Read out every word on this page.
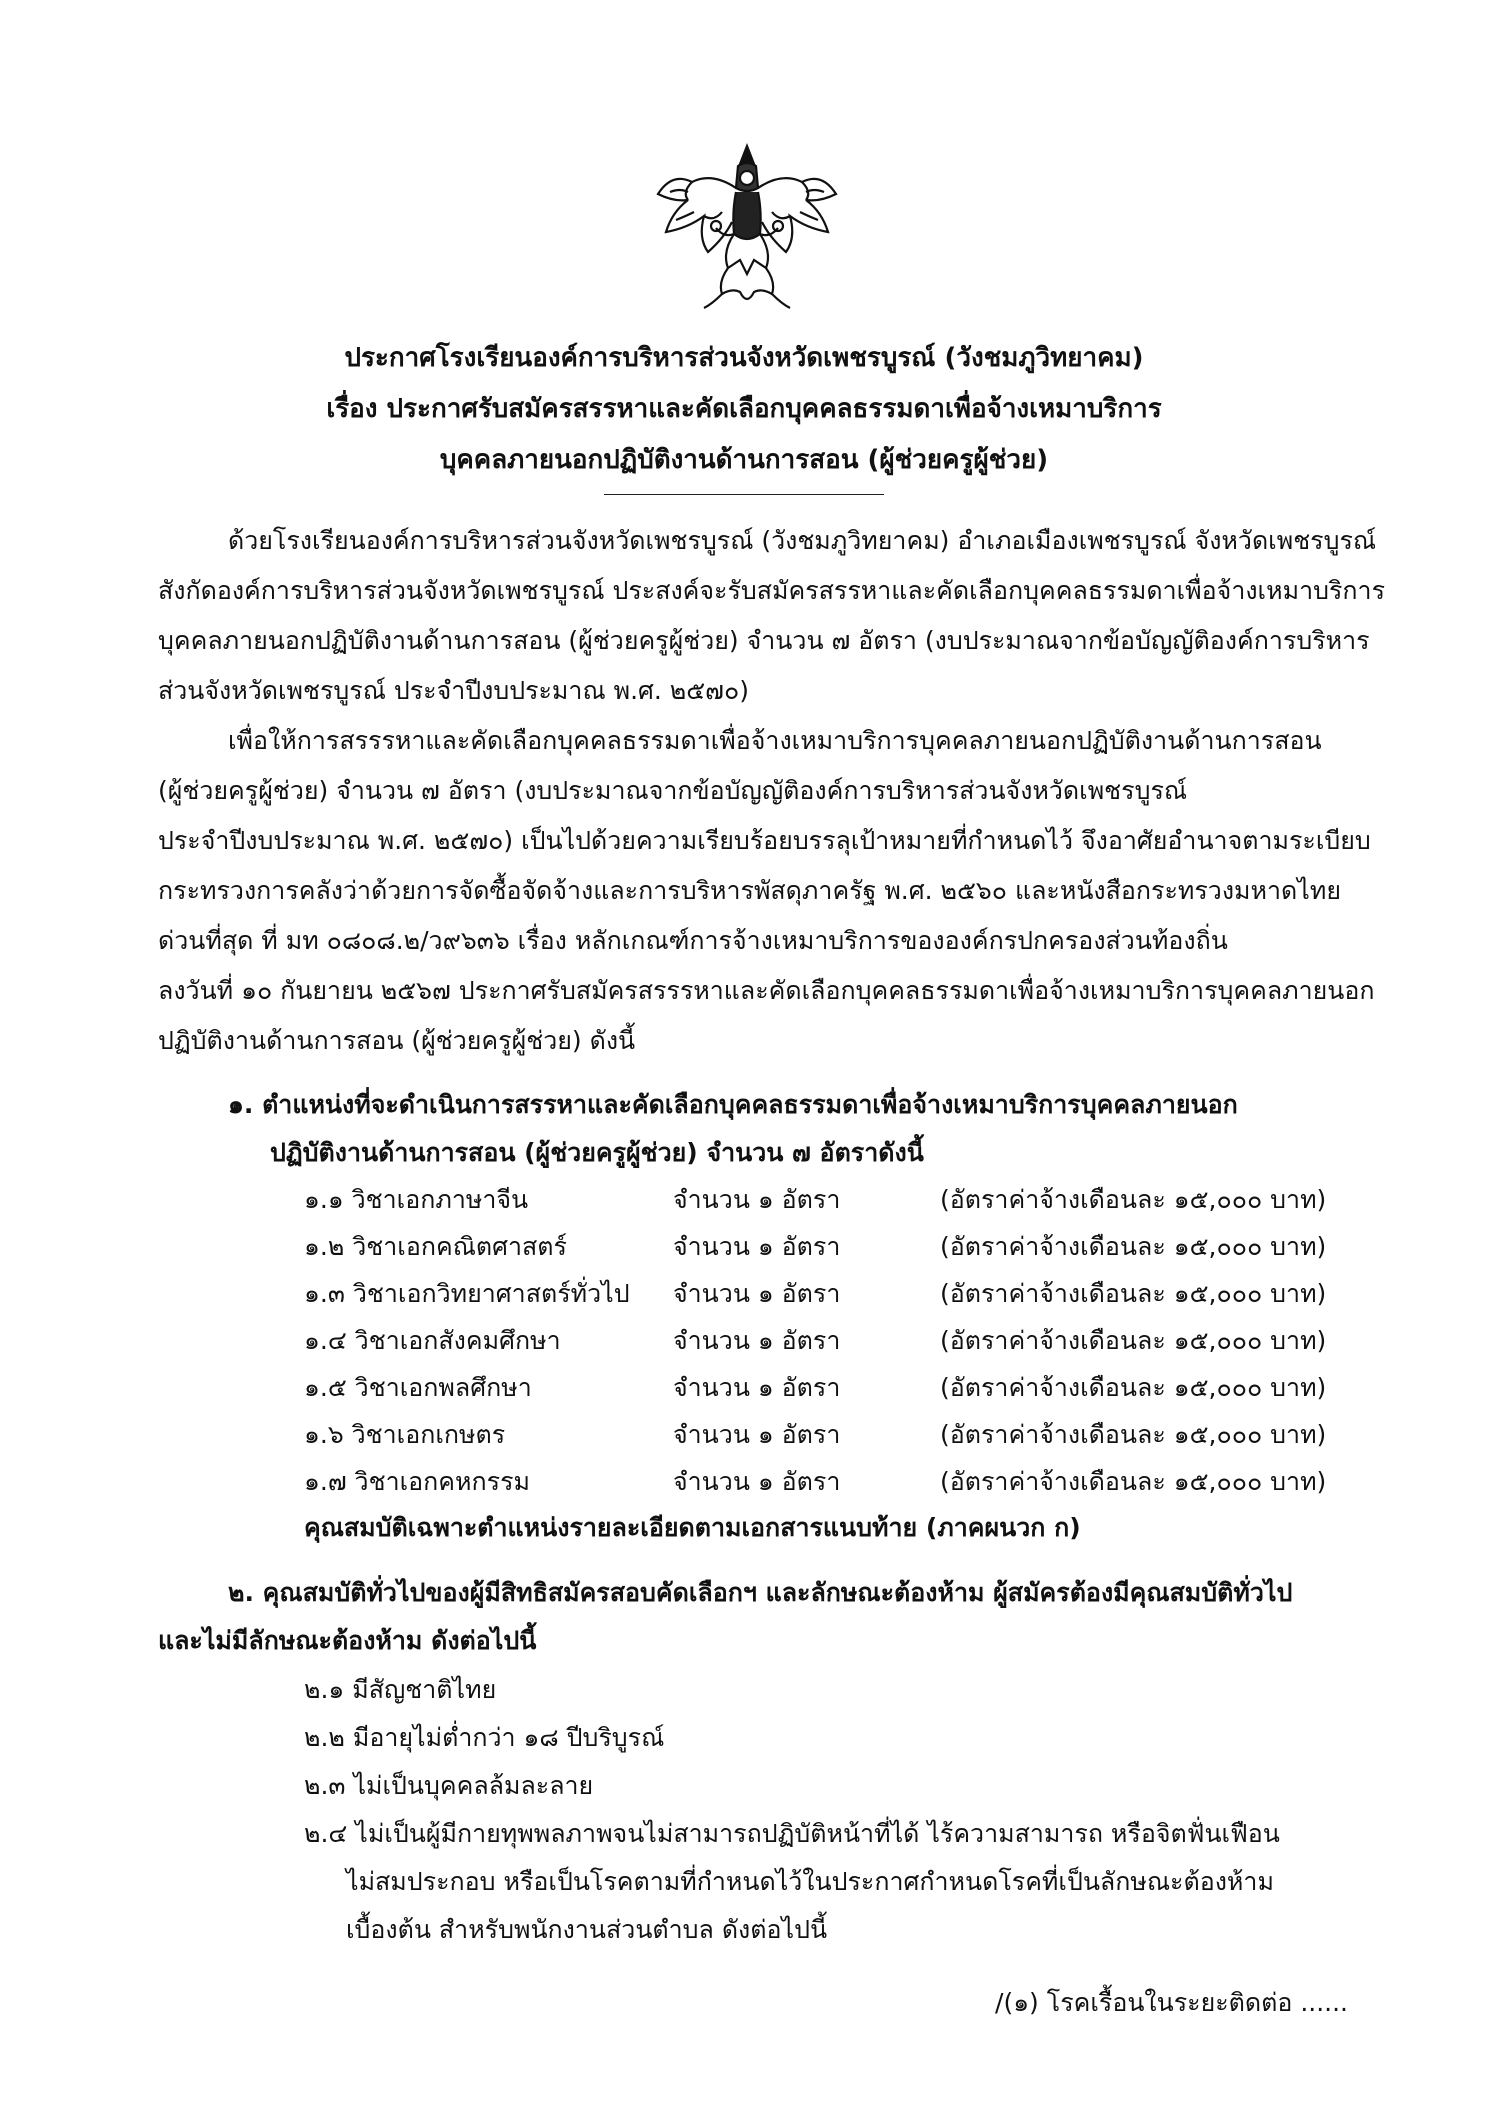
ประกาศโรงเรียนองค์การบริหารส่วนจังหวัดเพชรบูรณ์ (วังชมภูวิทยาคม)
เรื่อง ประกาศรับสมัครสรรหาและคัดเลือกบุคคลธรรมดาเพื่อจ้างเหมาบริการ
บุคคลภายนอกปฏิบัติงานด้านการสอน (ผู้ช่วยครูผู้ช่วย)
ด้วยโรงเรียนองค์การบริหารส่วนจังหวัดเพชรบูรณ์ (วังชมภูวิทยาคม) อำเภอเมืองเพชรบูรณ์ จังหวัดเพชรบูรณ์
สังกัดองค์การบริหารส่วนจังหวัดเพชรบูรณ์ ประสงค์จะรับสมัครสรรหาและคัดเลือกบุคคลธรรมดาเพื่อจ้างเหมาบริการ
บุคคลภายนอกปฏิบัติงานด้านการสอน (ผู้ช่วยครูผู้ช่วย) จำนวน ๗ อัตรา (งบประมาณจากข้อบัญญัติองค์การบริหาร
ส่วนจังหวัดเพชรบูรณ์ ประจำปีงบประมาณ พ.ศ. ๒๕๗๐)
เพื่อให้การสรรรหาและคัดเลือกบุคคลธรรมดาเพื่อจ้างเหมาบริการบุคคลภายนอกปฏิบัติงานด้านการสอน
(ผู้ช่วยครูผู้ช่วย) จำนวน ๗ อัตรา (งบประมาณจากข้อบัญญัติองค์การบริหารส่วนจังหวัดเพชรบูรณ์
ประจำปีงบประมาณ พ.ศ. ๒๕๗๐) เป็นไปด้วยความเรียบร้อยบรรลุเป้าหมายที่กำหนดไว้ จึงอาศัยอำนาจตามระเบียบ
กระทรวงการคลังว่าด้วยการจัดซื้อจัดจ้างและการบริหารพัสดุภาครัฐ พ.ศ. ๒๕๖๐ และหนังสือกระทรวงมหาดไทย
ด่วนที่สุด ที่ มท ๐๘๐๘.๒/ว๙๖๓๖ เรื่อง หลักเกณฑ์การจ้างเหมาบริการขององค์กรปกครองส่วนท้องถิ่น
ลงวันที่ ๑๐ กันยายน ๒๕๖๗ ประกาศรับสมัครสรรรหาและคัดเลือกบุคคลธรรมดาเพื่อจ้างเหมาบริการบุคคลภายนอก
ปฏิบัติงานด้านการสอน (ผู้ช่วยครูผู้ช่วย) ดังนี้
๑. ตำแหน่งที่จะดำเนินการสรรหาและคัดเลือกบุคคลธรรมดาเพื่อจ้างเหมาบริการบุคคลภายนอก
ปฏิบัติงานด้านการสอน (ผู้ช่วยครูผู้ช่วย) จำนวน ๗ อัตราดังนี้
๑.๑ วิชาเอกภาษาจีน	จำนวน ๑ อัตรา	(อัตราค่าจ้างเดือนละ ๑๕,๐๐๐ บาท)
๑.๒ วิชาเอกคณิตศาสตร์	จำนวน ๑ อัตรา	(อัตราค่าจ้างเดือนละ ๑๕,๐๐๐ บาท)
๑.๓ วิชาเอกวิทยาศาสตร์ทั่วไป จำนวน ๑ อัตรา	(อัตราค่าจ้างเดือนละ ๑๕,๐๐๐ บาท)
๑.๔ วิชาเอกสังคมศึกษา	จำนวน ๑ อัตรา	(อัตราค่าจ้างเดือนละ ๑๕,๐๐๐ บาท)
๑.๕ วิชาเอกพลศึกษา	จำนวน ๑ อัตรา	(อัตราค่าจ้างเดือนละ ๑๕,๐๐๐ บาท)
๑.๖ วิชาเอกเกษตร	จำนวน ๑ อัตรา	(อัตราค่าจ้างเดือนละ ๑๕,๐๐๐ บาท)
๑.๗ วิชาเอกคหกรรม	จำนวน ๑ อัตรา	(อัตราค่าจ้างเดือนละ ๑๕,๐๐๐ บาท)
คุณสมบัติเฉพาะตำแหน่งรายละเอียดตามเอกสารแนบท้าย (ภาคผนวก ก)
๒. คุณสมบัติทั่วไปของผู้มีสิทธิสมัครสอบคัดเลือกฯ และลักษณะต้องห้าม ผู้สมัครต้องมีคุณสมบัติทั่วไป
และไม่มีลักษณะต้องห้าม ดังต่อไปนี้
๒.๑ มีสัญชาติไทย
๒.๒ มีอายุไม่ต่ำกว่า ๑๘ ปีบริบูรณ์
๒.๓ ไม่เป็นบุคคลล้มละลาย
๒.๔ ไม่เป็นผู้มีกายทุพพลภาพจนไม่สามารถปฏิบัติหน้าที่ได้ ไร้ความสามารถ หรือจิตฟั่นเฟือน
ไม่สมประกอบ หรือเป็นโรคตามที่กำหนดไว้ในประกาศกำหนดโรคที่เป็นลักษณะต้องห้าม
เบื้องต้น สำหรับพนักงานส่วนตำบล ดังต่อไปนี้
/(๑) โรคเรื้อนในระยะติดต่อ ......
